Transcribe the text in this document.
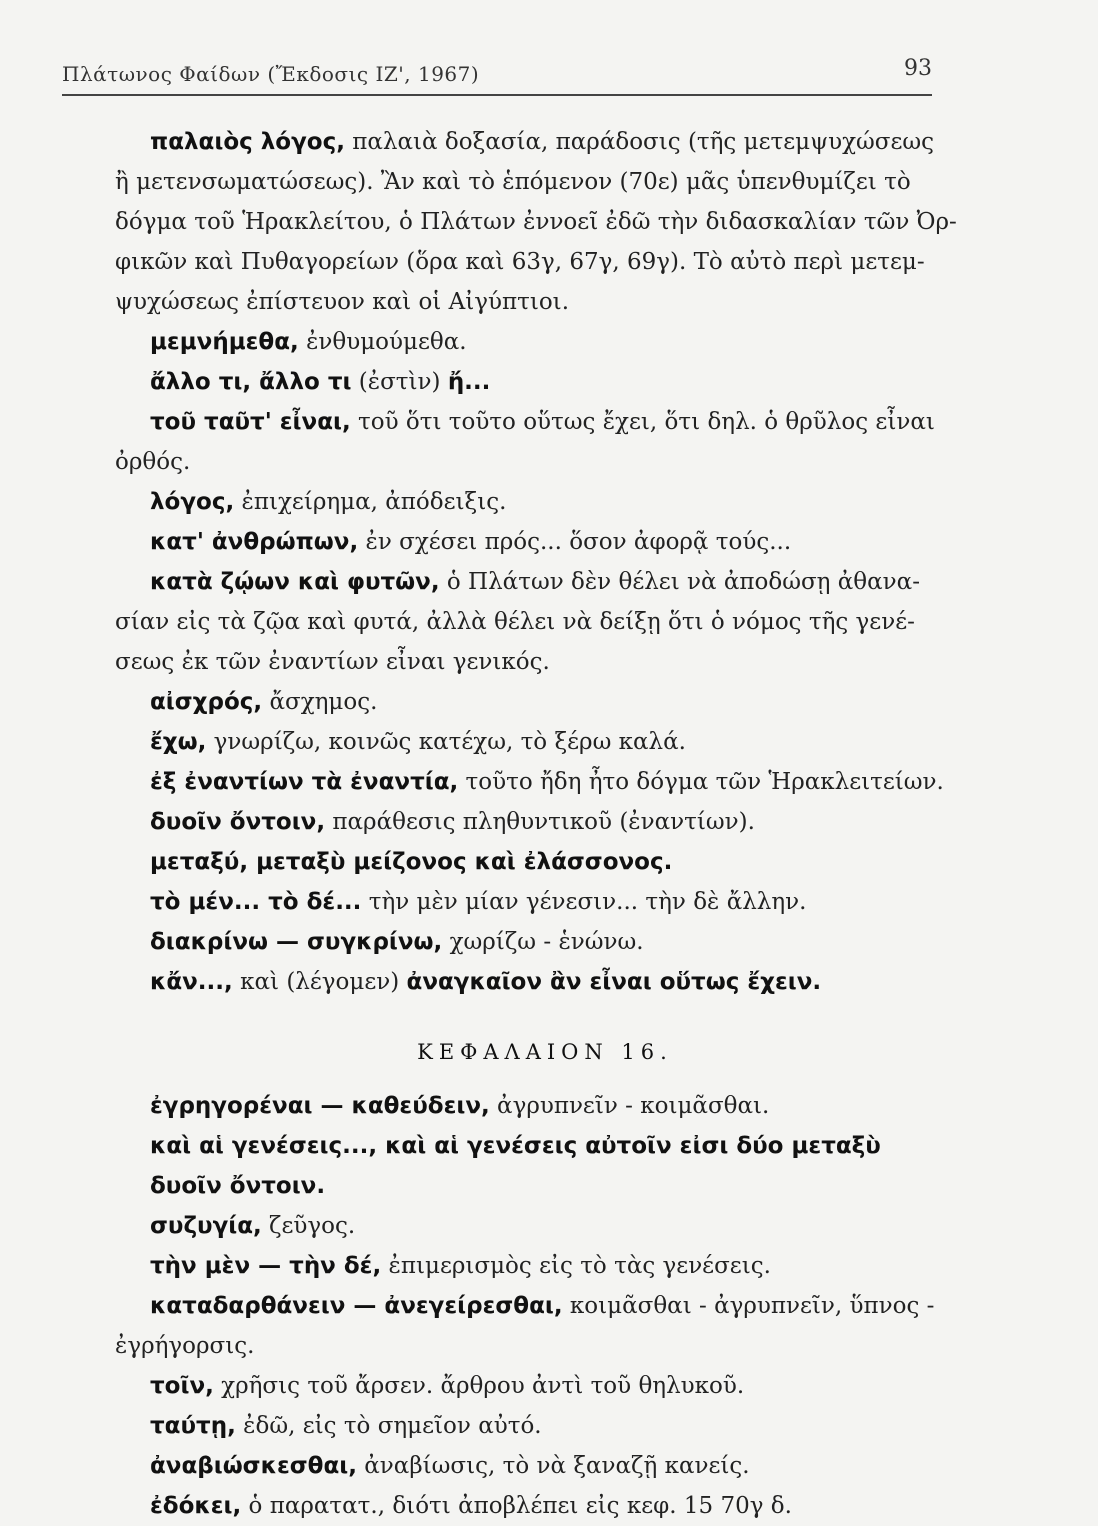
Πλάτωνος Φαίδων (Ἔκδοσις ΙΖ', 1967)	93
παλαιὸς λόγος, παλαιὰ δοξασία, παράδοσις (τῆς μετεμψυχώσεως
ἢ μετενσωματώσεως). Ἂν καὶ τὸ ἑπόμενον (70ε) μᾶς ὑπενθυμίζει τὸ
δόγμα τοῦ Ἡρακλείτου, ὁ Πλάτων ἐννοεῖ ἐδῶ τὴν διδασκαλίαν τῶν Ὀρ-
φικῶν καὶ Πυθαγορείων (ὅρα καὶ 63γ, 67γ, 69γ). Τὸ αὐτὸ περὶ μετεμ-
ψυχώσεως ἐπίστευον καὶ οἱ Αἰγύπτιοι.
μεμνήμεθα, ἐνθυμούμεθα.
ἄλλο τι, ἄλλο τι (ἐστὶν) ἤ...
τοῦ ταῦτ' εἶναι, τοῦ ὅτι τοῦτο οὕτως ἔχει, ὅτι δηλ. ὁ θρῦλος εἶναι
ὀρθός.
λόγος, ἐπιχείρημα, ἀπόδειξις.
κατ' ἀνθρώπων, ἐν σχέσει πρός... ὅσον ἀφορᾷ τούς...
κατὰ ζῴων καὶ φυτῶν, ὁ Πλάτων δὲν θέλει νὰ ἀποδώσῃ ἀθανα-
σίαν εἰς τὰ ζῷα καὶ φυτά, ἀλλὰ θέλει νὰ δείξῃ ὅτι ὁ νόμος τῆς γενέ-
σεως ἐκ τῶν ἐναντίων εἶναι γενικός.
αἰσχρός, ἄσχημος.
ἔχω, γνωρίζω, κοινῶς κατέχω, τὸ ξέρω καλά.
ἐξ ἐναντίων τὰ ἐναντία, τοῦτο ἤδη ἦτο δόγμα τῶν Ἡρακλειτείων.
δυοῖν ὄντοιν, παράθεσις πληθυντικοῦ (ἐναντίων).
μεταξύ, μεταξὺ μείζονος καὶ ἐλάσσονος.
τὸ μέν... τὸ δέ... τὴν μὲν μίαν γένεσιν... τὴν δὲ ἄλλην.
διακρίνω — συγκρίνω, χωρίζω - ἑνώνω.
κἄν..., καὶ (λέγομεν) ἀναγκαῖον ἂν εἶναι οὕτως ἔχειν.
ΚΕΦΑΛΑΙΟΝ 16.
ἐγρηγορέναι — καθεύδειν, ἀγρυπνεῖν - κοιμᾶσθαι.
καὶ αἱ γενέσεις..., καὶ αἱ γενέσεις αὐτοῖν εἰσι δύο μεταξὺ
δυοῖν ὄντοιν.
συζυγία, ζεῦγος.
τὴν μὲν — τὴν δέ, ἐπιμερισμὸς εἰς τὸ τὰς γενέσεις.
καταδαρθάνειν — ἀνεγείρεσθαι, κοιμᾶσθαι - ἀγρυπνεῖν, ὕπνος -
ἐγρήγορσις.
τοῖν, χρῆσις τοῦ ἄρσεν. ἄρθρου ἀντὶ τοῦ θηλυκοῦ.
ταύτῃ, ἐδῶ, εἰς τὸ σημεῖον αὐτό.
ἀναβιώσκεσθαι, ἀναβίωσις, τὸ νὰ ξαναζῇ κανείς.
ἐδόκει, ὁ παρατατ., διότι ἀποβλέπει εἰς κεφ. 15 70γ δ.
